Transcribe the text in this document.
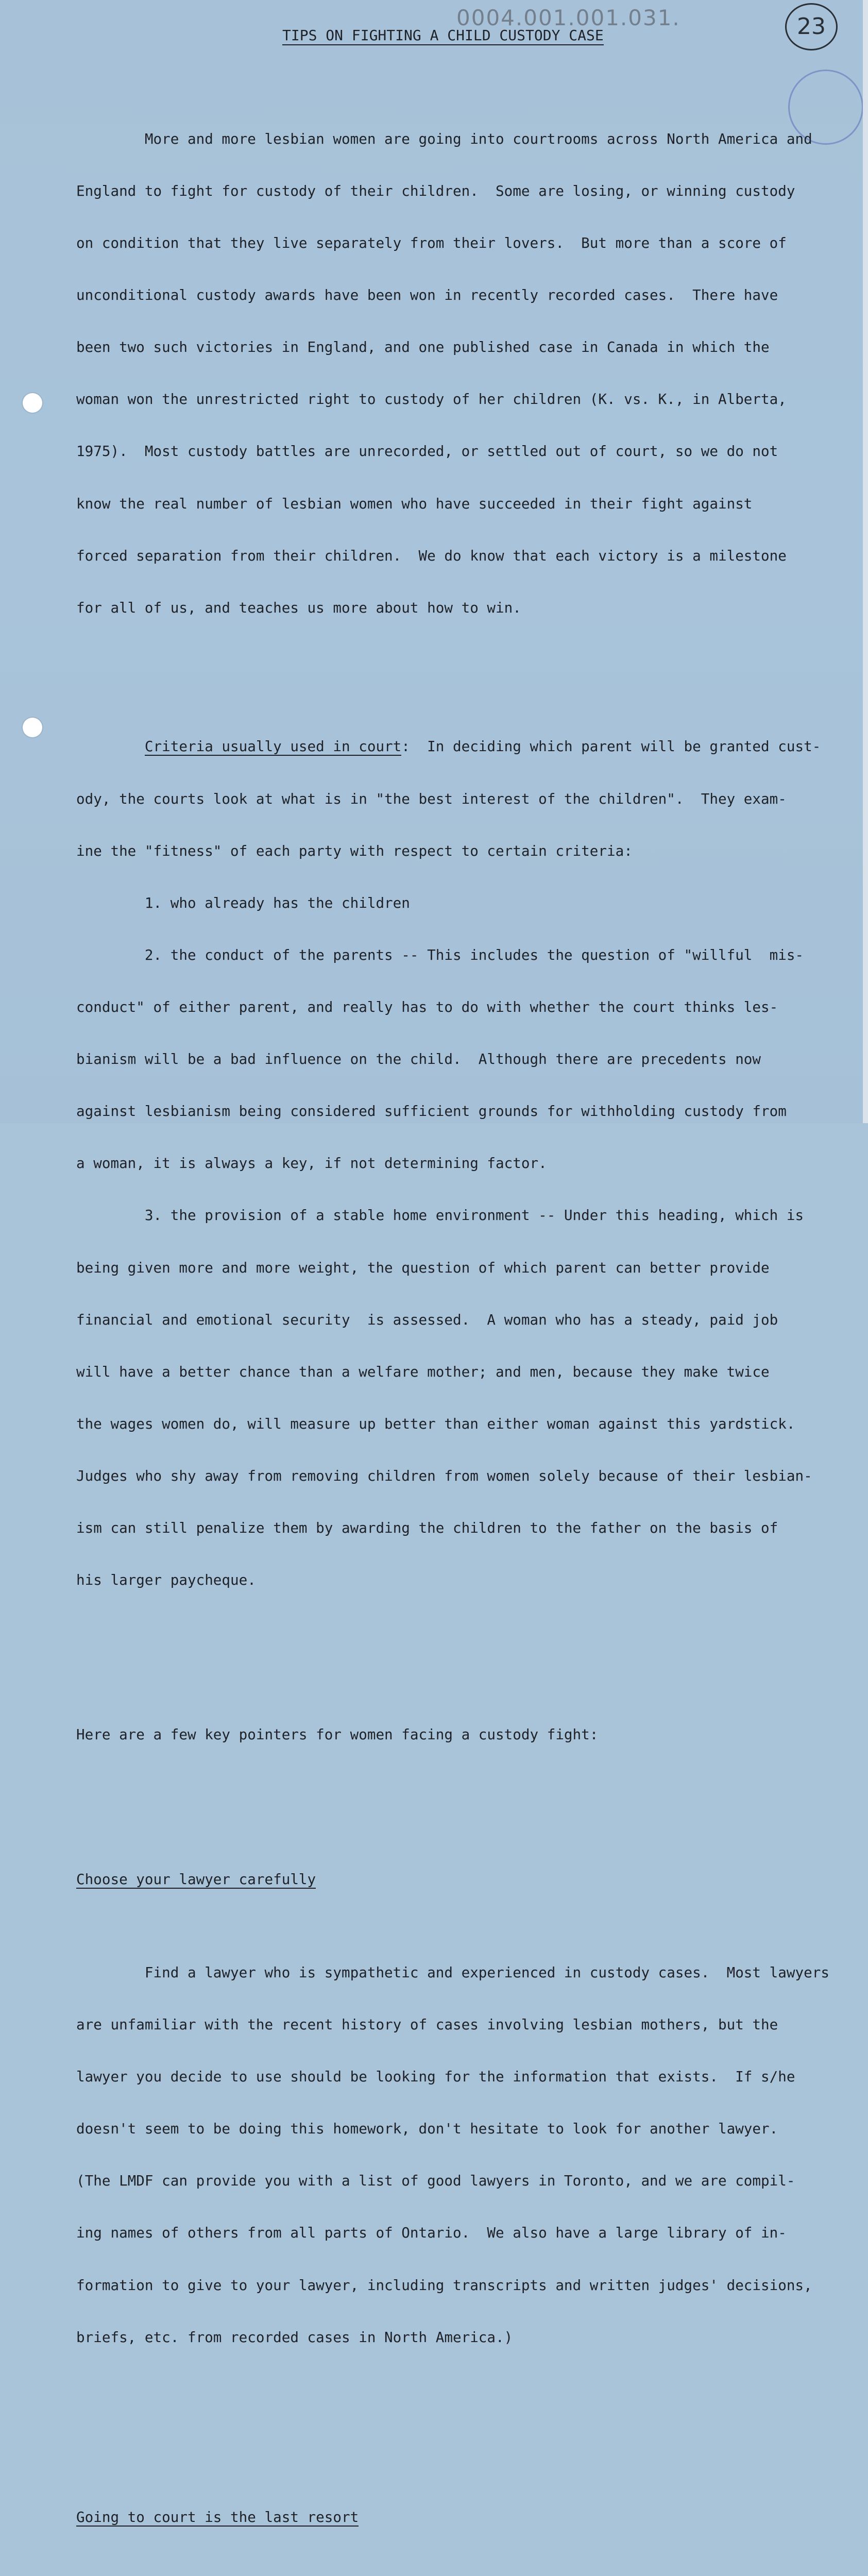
0004.001.001.031.	23
TIPS ON FIGHTING A CHILD CUSTODY CASE

More and more lesbian women are going into courtrooms across North America and

England to fight for custody of their children.  Some are losing, or winning custody

on condition that they live separately from their lovers.  But more than a score of

unconditional custody awards have been won in recently recorded cases.  There have

been two such victories in England, and one published case in Canada in which the

woman won the unrestricted right to custody of her children (K. vs. K., in Alberta,

1975).  Most custody battles are unrecorded, or settled out of court, so we do not

know the real number of lesbian women who have succeeded in their fight against

forced separation from their children.  We do know that each victory is a milestone

for all of us, and teaches us more about how to win.

Criteria usually used in court:  In deciding which parent will be granted cust-

ody, the courts look at what is in "the best interest of the children".  They exam-

ine the "fitness" of each party with respect to certain criteria:

1. who already has the children

2. the conduct of the parents -- This includes the question of "willful  mis-

conduct" of either parent, and really has to do with whether the court thinks les-

bianism will be a bad influence on the child.  Although there are precedents now

against lesbianism being considered sufficient grounds for withholding custody from

a woman, it is always a key, if not determining factor.

3. the provision of a stable home environment -- Under this heading, which is

being given more and more weight, the question of which parent can better provide

financial and emotional security  is assessed.  A woman who has a steady, paid job

will have a better chance than a welfare mother; and men, because they make twice

the wages women do, will measure up better than either woman against this yardstick.

Judges who shy away from removing children from women solely because of their lesbian-

ism can still penalize them by awarding the children to the father on the basis of

his larger paycheque.

Here are a few key pointers for women facing a custody fight:

Choose your lawyer carefully

Find a lawyer who is sympathetic and experienced in custody cases.  Most lawyers

are unfamiliar with the recent history of cases involving lesbian mothers, but the

lawyer you decide to use should be looking for the information that exists.  If s/he

doesn't seem to be doing this homework, don't hesitate to look for another lawyer.

(The LMDF can provide you with a list of good lawyers in Toronto, and we are compil-

ing names of others from all parts of Ontario.  We also have a large library of in-

formation to give to your lawyer, including transcripts and written judges' decisions,

briefs, etc. from recorded cases in North America.)

Going to court is the last resort
